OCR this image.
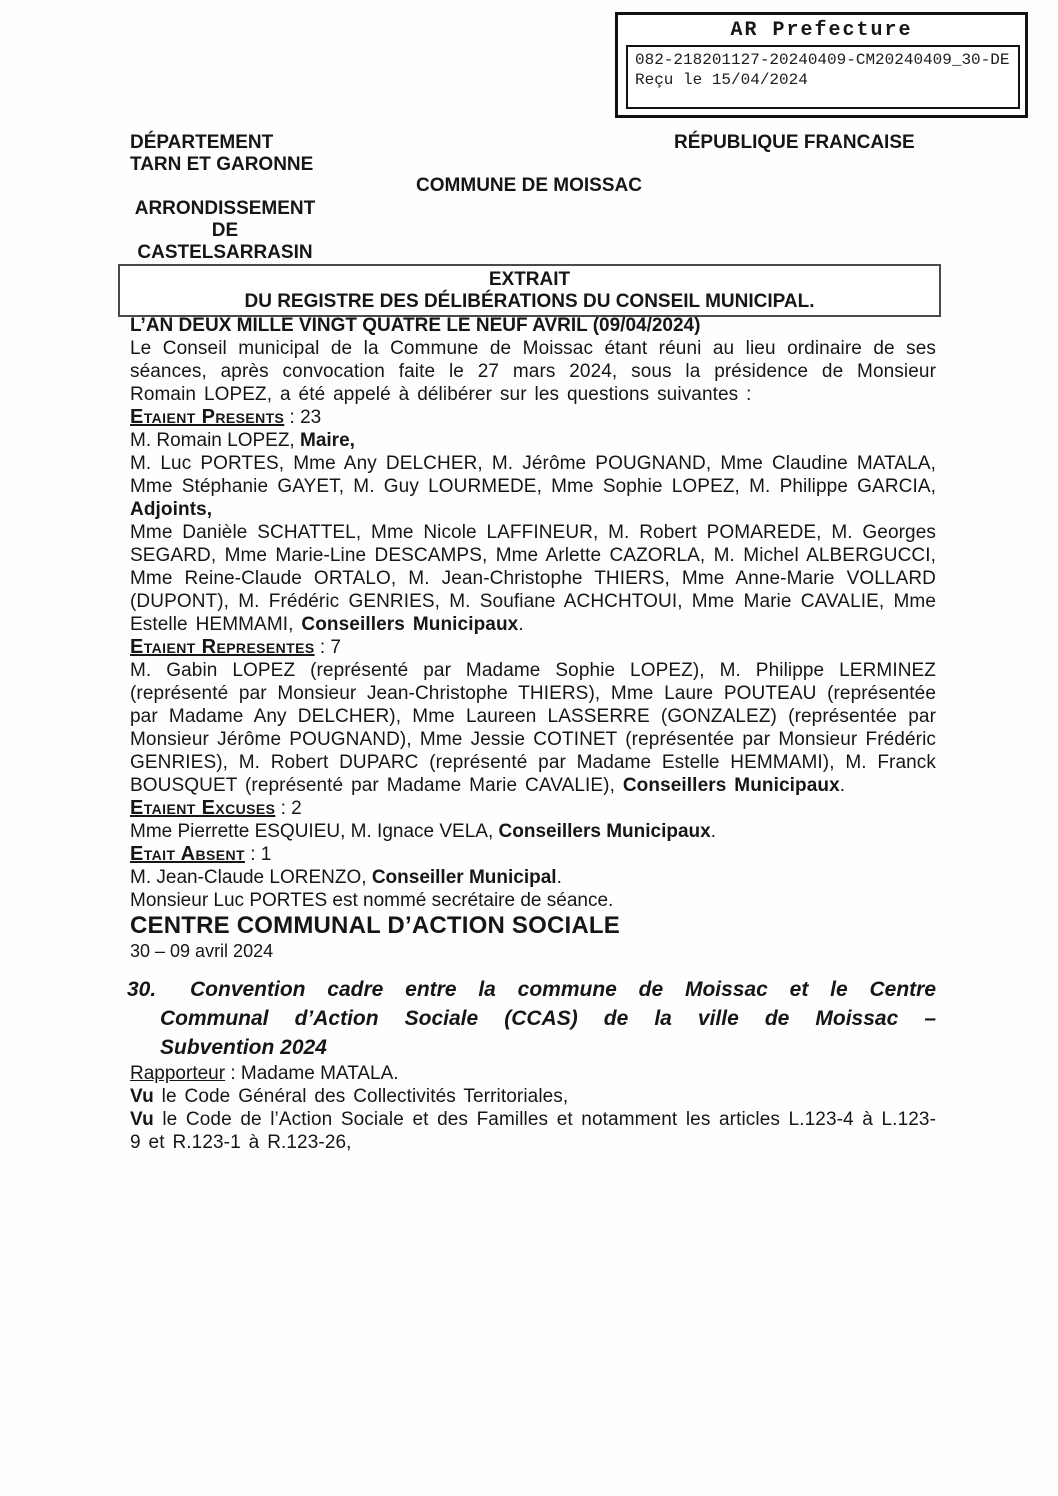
AR Prefecture
082-218201127-20240409-CM20240409_30-DE
Reçu le 15/04/2024
DÉPARTEMENT
TARN ET GARONNE
RÉPUBLIQUE FRANCAISE
COMMUNE DE MOISSAC
ARRONDISSEMENT
DE
CASTELSARRASIN
EXTRAIT
DU REGISTRE DES DÉLIBÉRATIONS DU CONSEIL MUNICIPAL.

L’AN DEUX MILLE VINGT QUATRE LE NEUF AVRIL (09/04/2024)

Le Conseil municipal de la Commune de Moissac étant réuni au lieu ordinaire de ses séances, après convocation faite le 27 mars 2024, sous la présidence de Monsieur Romain LOPEZ, a été appelé à délibérer sur les questions suivantes :

Etaient Presents : 23

M. Romain LOPEZ, Maire,

M. Luc PORTES, Mme Any DELCHER, M. Jérôme POUGNAND, Mme Claudine MATALA, Mme Stéphanie GAYET, M. Guy LOURMEDE, Mme Sophie LOPEZ, M. Philippe GARCIA, Adjoints,

Mme Danièle SCHATTEL, Mme Nicole LAFFINEUR, M. Robert POMAREDE, M. Georges SEGARD, Mme Marie-Line DESCAMPS, Mme Arlette CAZORLA, M. Michel ALBERGUCCI, Mme Reine-Claude ORTALO, M. Jean-Christophe THIERS, Mme Anne-Marie VOLLARD (DUPONT), M. Frédéric GENRIES, M. Soufiane ACHCHTOUI, Mme Marie CAVALIE, Mme Estelle HEMMAMI, Conseillers Municipaux.

Etaient Representes : 7

M. Gabin LOPEZ (représenté par Madame Sophie LOPEZ), M. Philippe LERMINEZ (représenté par Monsieur Jean-Christophe THIERS), Mme Laure POUTEAU (représentée par Madame Any DELCHER), Mme Laureen LASSERRE (GONZALEZ) (représentée par Monsieur Jérôme POUGNAND), Mme Jessie COTINET (représentée par Monsieur Frédéric GENRIES), M. Robert DUPARC (représenté par Madame Estelle HEMMAMI), M. Franck BOUSQUET (représenté par Madame Marie CAVALIE), Conseillers Municipaux.

Etaient Excuses : 2

Mme Pierrette ESQUIEU, M. Ignace VELA, Conseillers Municipaux.

Etait Absent : 1

M. Jean-Claude LORENZO, Conseiller Municipal.

Monsieur Luc PORTES est nommé secrétaire de séance.

CENTRE COMMUNAL D’ACTION SOCIALE
30 – 09 avril 2024
30.	Convention cadre entre la commune de Moissac et le Centre
Communal d’Action Sociale (CCAS) de la ville de Moissac –
Subvention 2024

Rapporteur : Madame MATALA.

Vu le Code Général des Collectivités Territoriales,

Vu le Code de l’Action Sociale et des Familles et notamment les articles L.123-4 à L.123-9 et R.123-1 à R.123-26,
